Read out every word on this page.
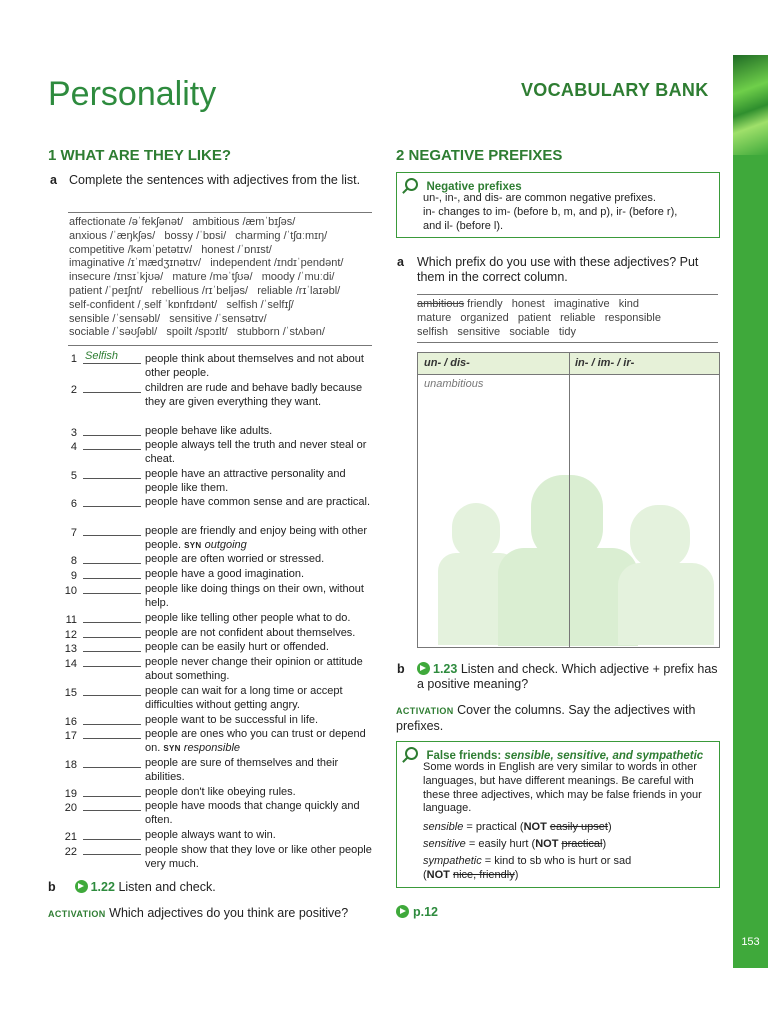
153
Personality	VOCABULARY BANK
1 WHAT ARE THEY LIKE?
a Complete the sentences with adjectives from the list.
affectionate /əˈfekʃənət/   ambitious /æmˈbɪʃəs/
anxious /ˈæŋkʃəs/   bossy /ˈbɒsi/   charming /ˈtʃɑːmɪŋ/
competitive /kəmˈpetətɪv/   honest /ˈɒnɪst/
imaginative /ɪˈmædʒɪnətɪv/   independent /ɪndɪˈpendənt/
insecure /ɪnsɪˈkjʊə/   mature /məˈtʃʊə/   moody /ˈmuːdi/
patient /ˈpeɪʃnt/   rebellious /rɪˈbeljəs/   reliable /rɪˈlaɪəbl/
self-confident /ˌself ˈkɒnfɪdənt/   selfish /ˈselfɪʃ/
sensible /ˈsensəbl/   sensitive /ˈsensətɪv/
sociable /ˈsəʊʃəbl/   spoilt /spɔɪlt/   stubborn /ˈstʌbən/
1 Selfish people think about themselves and not about other people.
2	children are rude and behave badly because they are given everything they want.
3	people behave like adults.
4	people always tell the truth and never steal or cheat.
5	people have an attractive personality and people like them.
6	people have common sense and are practical.
7	people are friendly and enjoy being with other people. SYN outgoing
8	people are often worried or stressed.
9	people have a good imagination.
10	people like doing things on their own, without help.
11	people like telling other people what to do.
12	people are not confident about themselves.
13	people can be easily hurt or offended.
14	people never change their opinion or attitude about something.
15	people can wait for a long time or accept difficulties without getting angry.
16	people want to be successful in life.
17	people are ones who you can trust or depend on. SYN responsible
18	people are sure of themselves and their abilities.
19	people don't like obeying rules.
20	people have moods that change quickly and often.
21	people always want to win.
22	people show that they love or like other people very much.
b	1.22 Listen and check.
ACTIVATION Which adjectives do you think are positive?
2 NEGATIVE PREFIXES
Negative prefixes
un-, in-, and dis- are common negative prefixes.
in- changes to im- (before b, m, and p), ir- (before r),
and il- (before l).
a Which prefix do you use with these adjectives? Put them in the correct column.
ambitious friendly   honest   imaginative   kind
mature   organized   patient   reliable   responsible
selfish   sensitive   sociable   tidy
un- / dis-	in- / im- / ir-
unambitious
b	1.23 Listen and check. Which adjective + prefix has a positive meaning?
ACTIVATION Cover the columns. Say the adjectives with prefixes.
False friends: sensible, sensitive, and sympathetic
Some words in English are very similar to words in other languages, but have different meanings. Be careful with these three adjectives, which may be false friends in your language.
sensible = practical (NOT easily upset)
sensitive = easily hurt (NOT practical)
sympathetic = kind to sb who is hurt or sad
(NOT nice, friendly)
p.12
